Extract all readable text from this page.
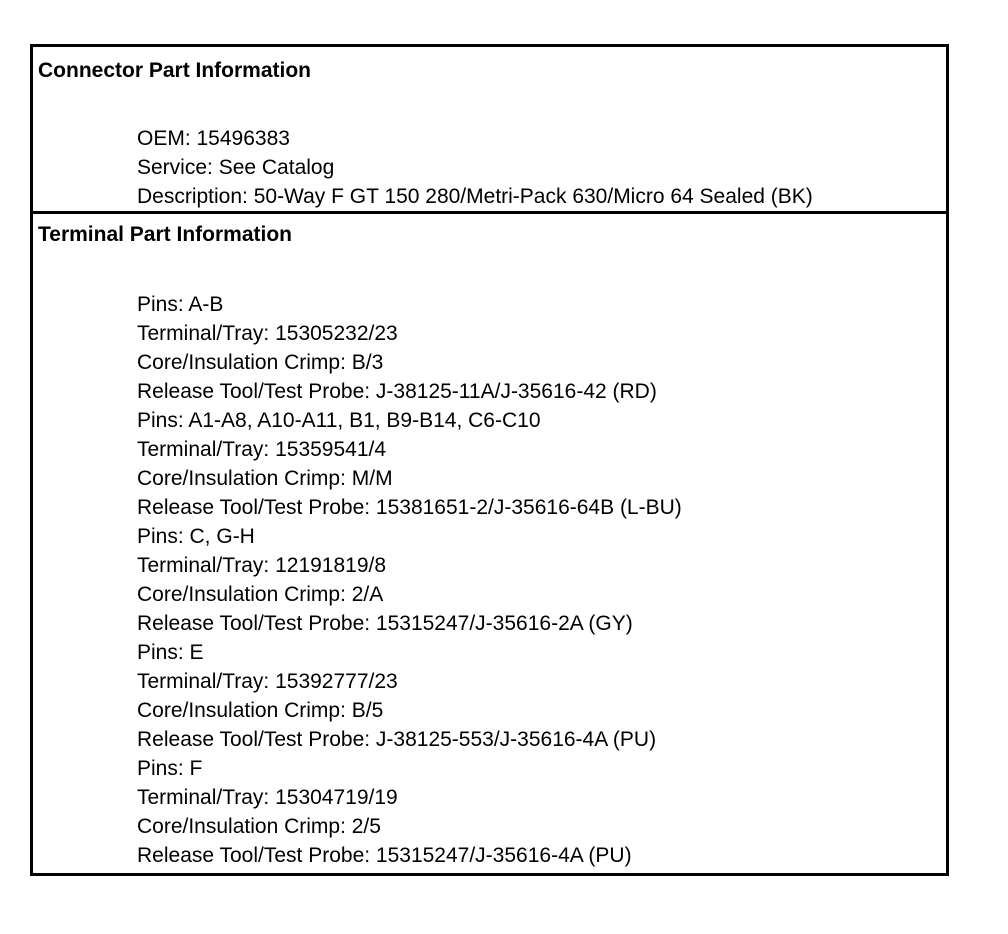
Connector Part Information
OEM: 15496383
Service: See Catalog
Description: 50-Way F GT 150 280/Metri-Pack 630/Micro 64 Sealed (BK)
Terminal Part Information
Pins: A-B
Terminal/Tray: 15305232/23
Core/Insulation Crimp: B/3
Release Tool/Test Probe: J-38125-11A/J-35616-42 (RD)
Pins: A1-A8, A10-A11, B1, B9-B14, C6-C10
Terminal/Tray: 15359541/4
Core/Insulation Crimp: M/M
Release Tool/Test Probe: 15381651-2/J-35616-64B (L-BU)
Pins: C, G-H
Terminal/Tray: 12191819/8
Core/Insulation Crimp: 2/A
Release Tool/Test Probe: 15315247/J-35616-2A (GY)
Pins: E
Terminal/Tray: 15392777/23
Core/Insulation Crimp: B/5
Release Tool/Test Probe: J-38125-553/J-35616-4A (PU)
Pins: F
Terminal/Tray: 15304719/19
Core/Insulation Crimp: 2/5
Release Tool/Test Probe: 15315247/J-35616-4A (PU)
